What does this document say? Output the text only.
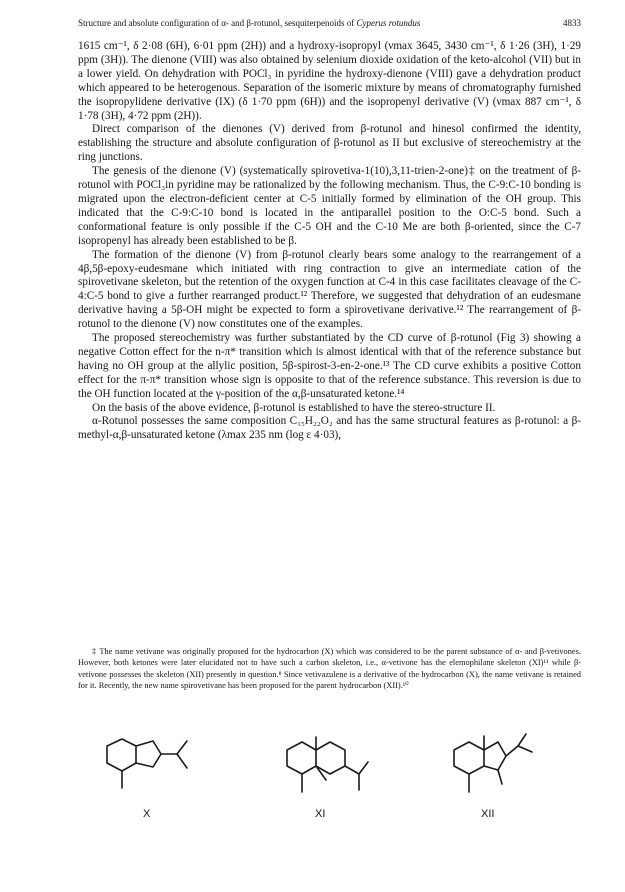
Structure and absolute configuration of α- and β-rotunol, sesquiterpenoids of Cyperus rotundus	4833

1615 cm⁻¹, δ 2·08 (6H), 6·01 ppm (2H)) and a hydroxy-isopropyl (νmax 3645, 3430 cm⁻¹, δ 1·26 (3H), 1·29 ppm (3H)). The dienone (VIII) was also obtained by selenium dioxide oxidation of the keto-alcohol (VII) but in a lower yield. On dehydration with POCl₃ in pyridine the hydroxy-dienone (VIII) gave a dehydration product which appeared to be heterogenous. Separation of the isomeric mixture by means of chromatography furnished the isopropylidene derivative (IX) (δ 1·70 ppm (6H)) and the isopropenyl derivative (V) (νmax 887 cm⁻¹, δ 1·78 (3H), 4·72 ppm (2H)).

Direct comparison of the dienones (V) derived from β-rotunol and hinesol confirmed the identity, establishing the structure and absolute configuration of β-rotunol as II but exclusive of stereochemistry at the ring junctions.

The genesis of the dienone (V) (systematically spirovetiva-1(10),3,11-trien-2-one)‡ on the treatment of β-rotunol with POCl₃in pyridine may be rationalized by the following mechanism. Thus, the C-9:C-10 bonding is migrated upon the electron-deficient center at C-5 initially formed by elimination of the OH group. This indicated that the C-9:C-10 bond is located in the antiparallel position to the O:C-5 bond. Such a conformational feature is only possible if the C-5 OH and the C-10 Me are both β-oriented, since the C-7 isopropenyl has already been established to be β.

The formation of the dienone (V) from β-rotunol clearly bears some analogy to the rearrangement of a 4β,5β-epoxy-eudesmane which initiated with ring contraction to give an intermediate cation of the spirovetivane skeleton, but the retention of the oxygen function at C-4 in this case facilitates cleavage of the C-4:C-5 bond to give a further rearranged product.¹² Therefore, we suggested that dehydration of an eudesmane derivative having a 5β-OH might be expected to form a spirovetivane derivative.¹² The rearrangement of β-rotunol to the dienone (V) now constitutes one of the examples.

The proposed stereochemistry was further substantiated by the CD curve of β-rotunol (Fig 3) showing a negative Cotton effect for the n-π* transition which is almost identical with that of the reference substance but having no OH group at the allylic position, 5β-spirost-3-en-2-one.¹³ The CD curve exhibits a positive Cotton effect for the π-π* transition whose sign is opposite to that of the reference substance. This reversion is due to the OH function located at the γ-position of the α,β-unsaturated ketone.¹⁴

On the basis of the above evidence, β-rotunol is established to have the stereo-structure II.

α-Rotunol possesses the same composition C₁₅H₂₂O₂ and has the same structural features as β-rotunol: a β-methyl-α,β-unsaturated ketone (λmax 235 nm (log ε 4·03),

‡ The name vetivane was originally proposed for the hydrocarbon (X) which was considered to be the parent substance of α- and β-vetivones. However, both ketones were later elucidated not to have such a carbon skeleton, i.e., α-vetivone has the elemophilane skeleton (XI)¹¹ while β-vetivone possesses the skeleton (XII) presently in question.⁸ Since vetivazulene is a derivative of the hydrocarbon (X), the name vetivane is retained for it. Recently, the new name spirovetivane has been proposed for the parent hydrocarbon (XII).¹⁰

X	XI	XII
